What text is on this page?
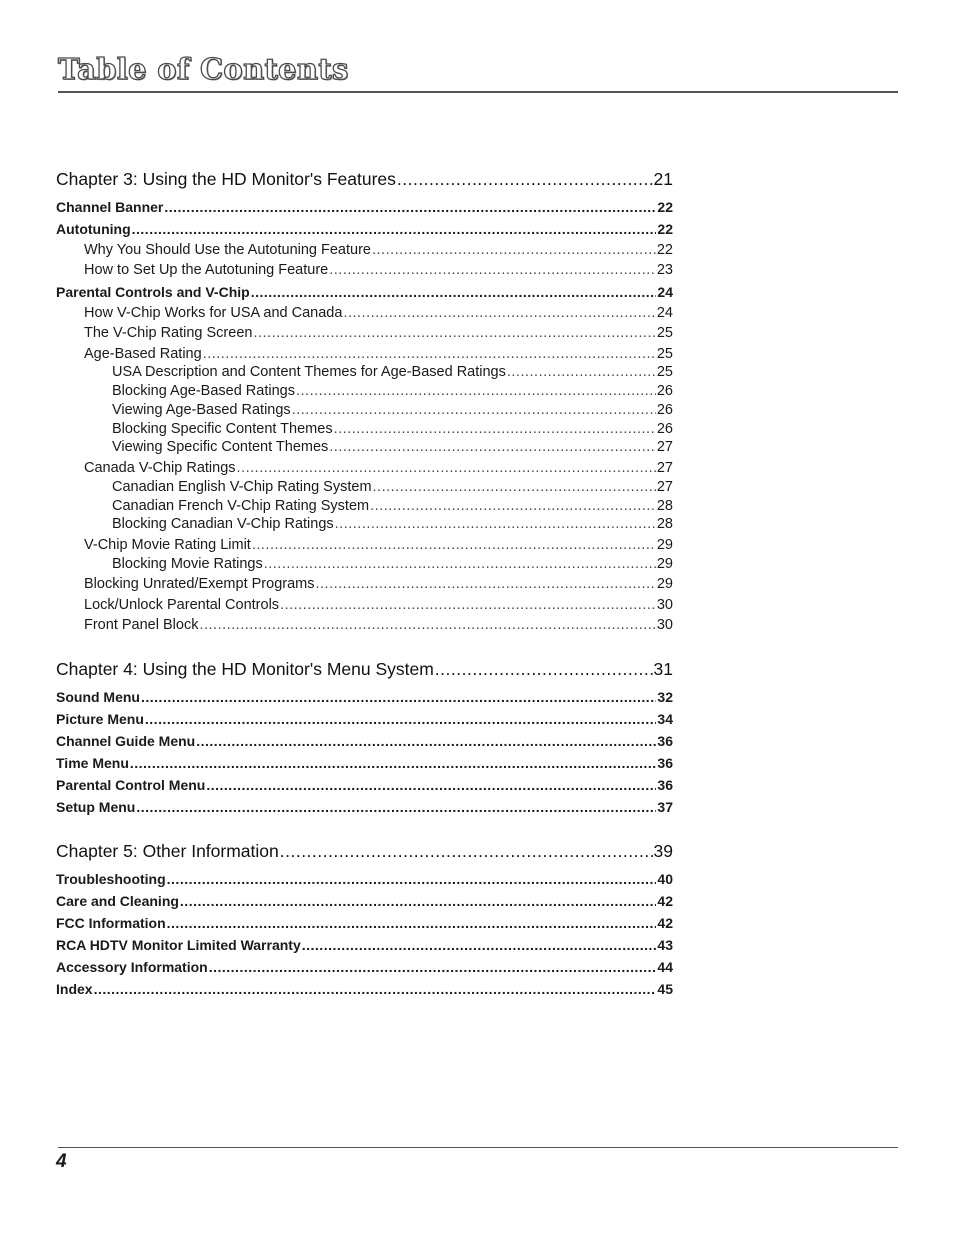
Table of Contents
Chapter 3: Using the HD Monitor's Features .....	21
Channel Banner .....	22
Autotuning .....	22
Why You Should Use the Autotuning Feature .....	22
How to Set Up the Autotuning Feature .....	23
Parental Controls and V-Chip .....	24
How V-Chip Works for USA and Canada .....	24
The V-Chip Rating Screen .....	25
Age-Based Rating .....	25
USA Description and Content Themes for Age-Based Ratings .....	25
Blocking Age-Based Ratings .....	26
Viewing Age-Based Ratings .....	26
Blocking Specific Content Themes .....	26
Viewing Specific Content Themes .....	27
Canada V-Chip Ratings .....	27
Canadian English V-Chip Rating System .....	27
Canadian French V-Chip Rating System .....	28
Blocking Canadian V-Chip Ratings .....	28
V-Chip Movie Rating Limit .....	29
Blocking Movie Ratings .....	29
Blocking Unrated/Exempt Programs .....	29
Lock/Unlock Parental Controls .....	30
Front Panel Block .....	30
Chapter 4: Using the HD Monitor's Menu System .....	31
Sound Menu .....	32
Picture Menu .....	34
Channel Guide Menu .....	36
Time Menu .....	36
Parental Control Menu .....	36
Setup Menu .....	37
Chapter 5: Other Information .....	39
Troubleshooting .....	40
Care and Cleaning .....	42
FCC Information .....	42
RCA HDTV Monitor Limited Warranty .....	43
Accessory Information .....	44
Index .....	45
4
